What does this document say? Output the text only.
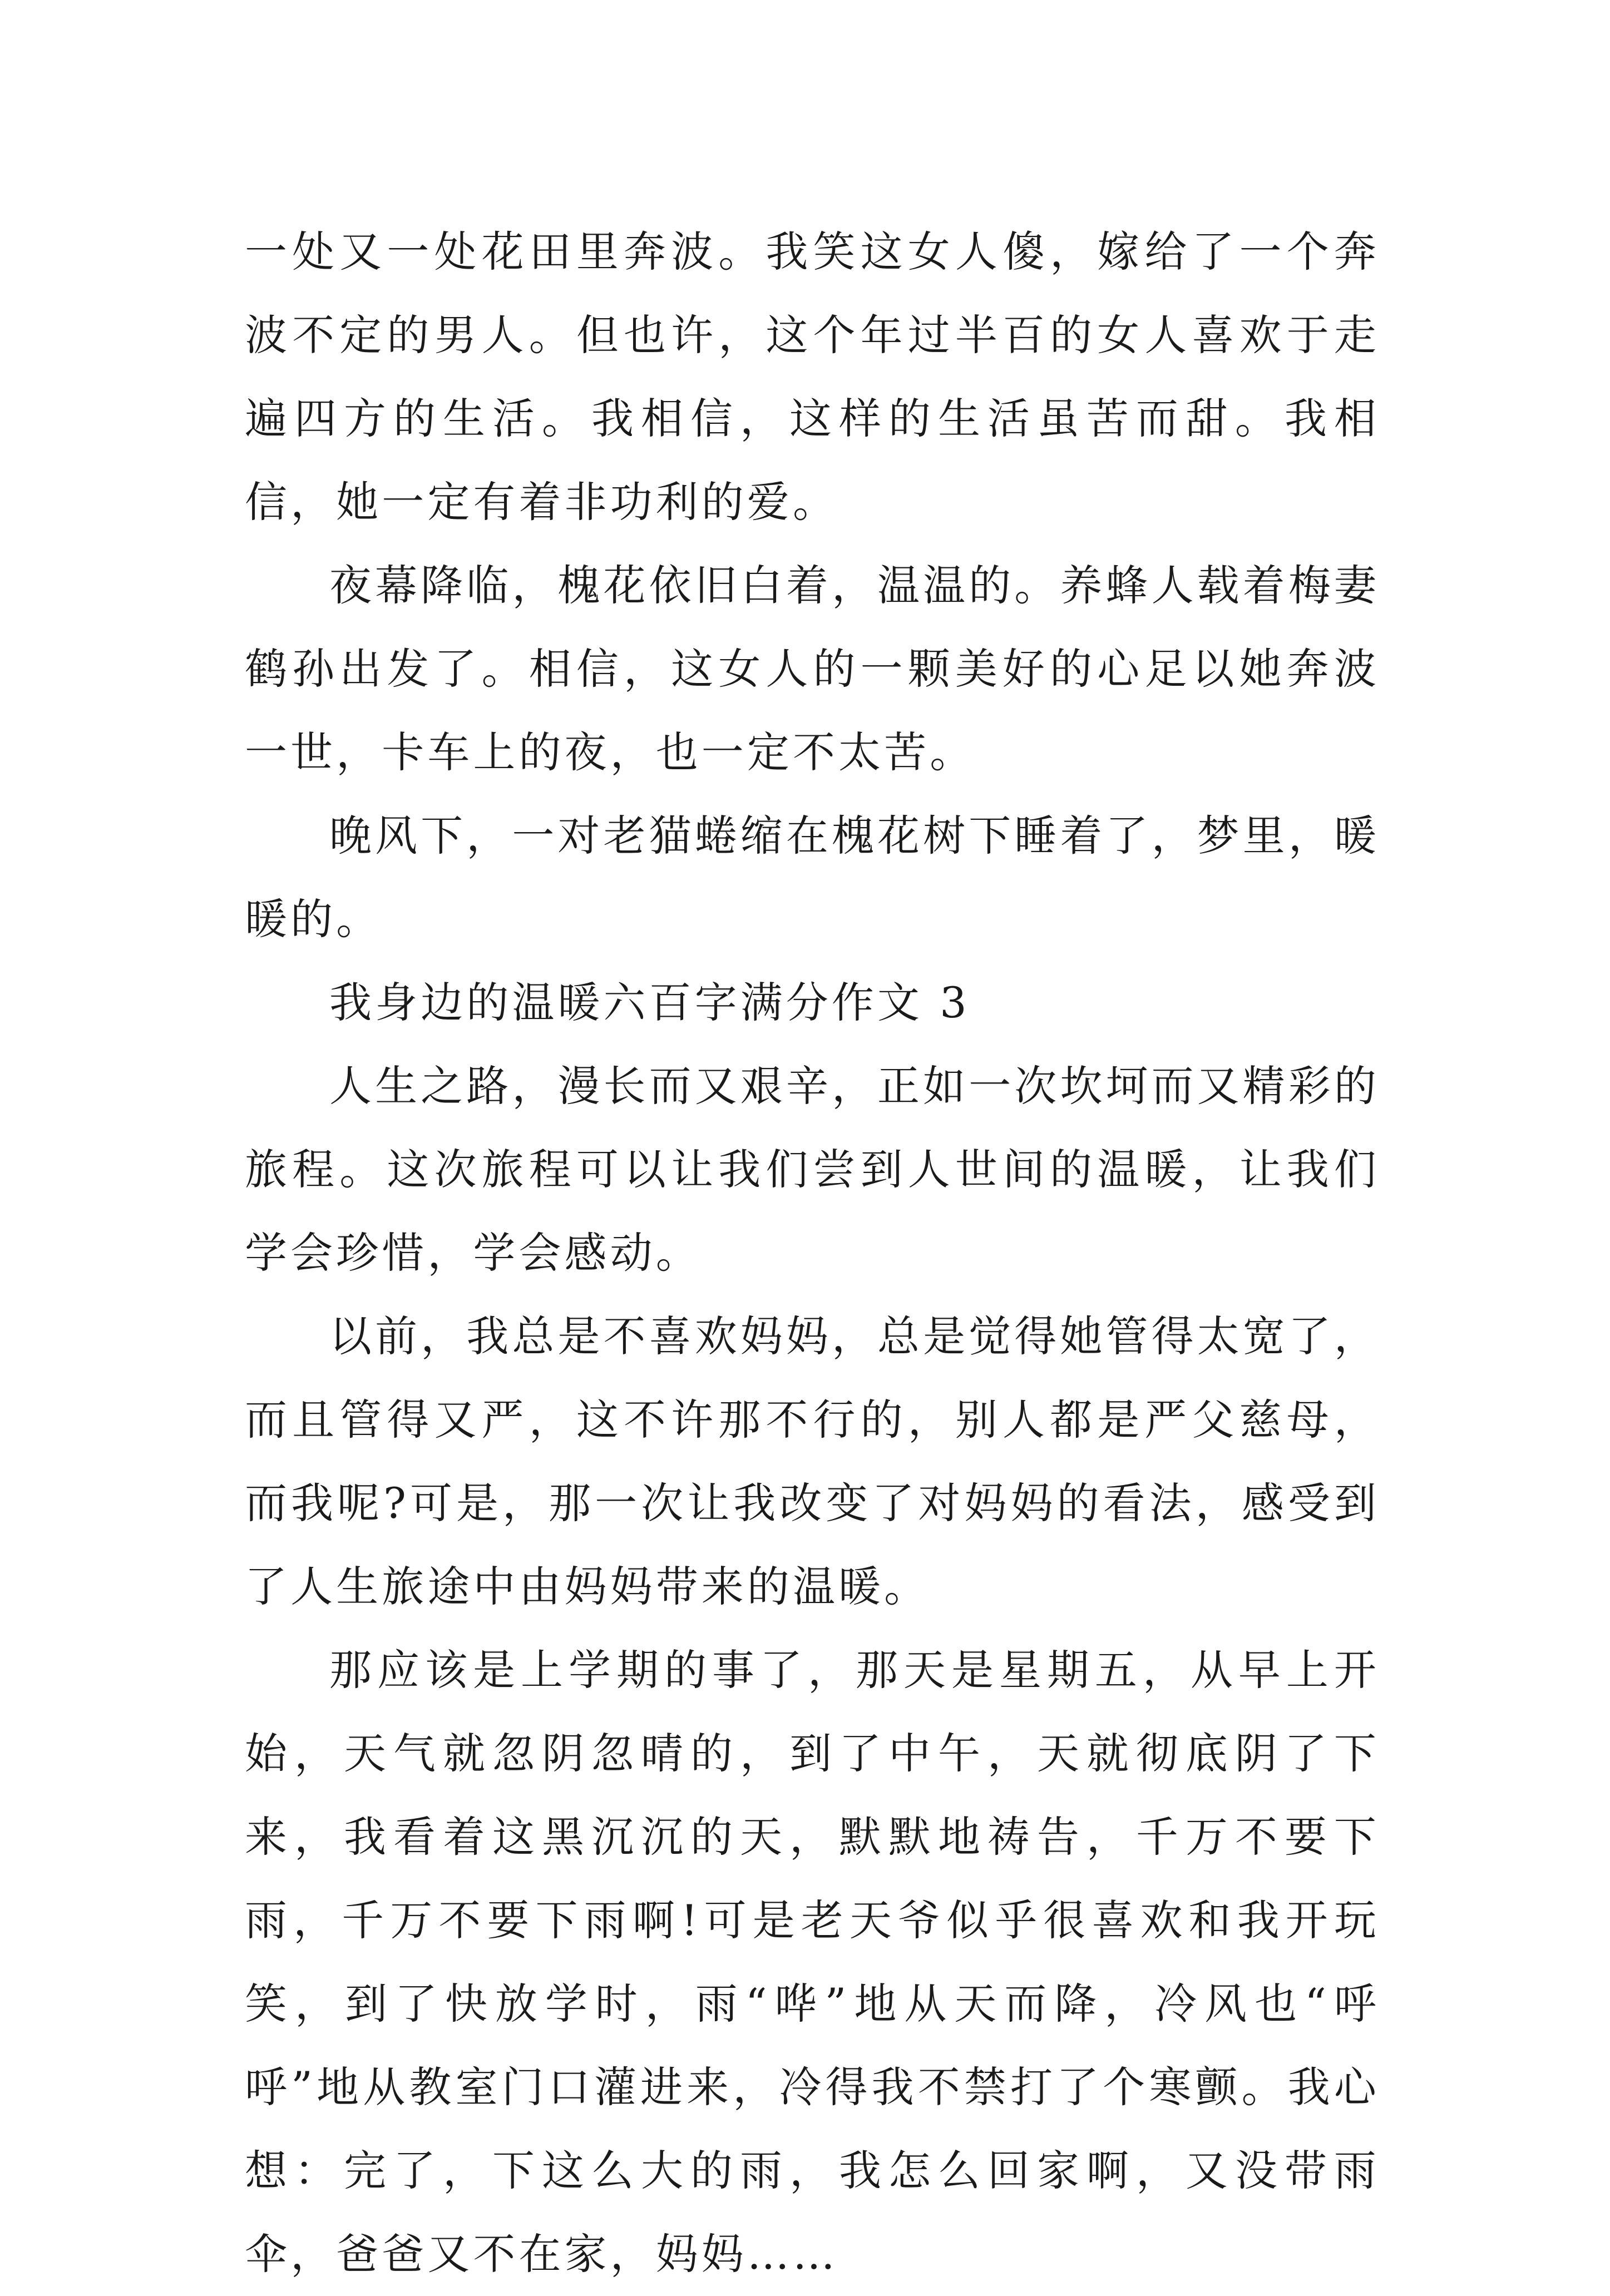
一处又一处花田里奔波。我笑这女人傻，嫁给了一个奔波不定的男人。但也许，这个年过半百的女人喜欢于走遍四方的生活。我相信，这样的生活虽苦而甜。我相信，她一定有着非功利的爱。

夜幕降临，槐花依旧白着，温温的。养蜂人载着梅妻鹤孙出发了。相信，这女人的一颗美好的心足以她奔波一世，卡车上的夜，也一定不太苦。

晚风下，一对老猫蜷缩在槐花树下睡着了，梦里，暖暖的。

我身边的温暖六百字满分作文 3

人生之路，漫长而又艰辛，正如一次坎坷而又精彩的旅程。这次旅程可以让我们尝到人世间的温暖，让我们学会珍惜，学会感动。

以前，我总是不喜欢妈妈，总是觉得她管得太宽了，而且管得又严，这不许那不行的，别人都是严父慈母，而我呢?可是，那一次让我改变了对妈妈的看法，感受到了人生旅途中由妈妈带来的温暖。

那应该是上学期的事了，那天是星期五，从早上开始，天气就忽阴忽晴的，到了中午，天就彻底阴了下来，我看着这黑沉沉的天，默默地祷告，千万不要下雨，千万不要下雨啊!可是老天爷似乎很喜欢和我开玩笑，到了快放学时，雨“哗”地从天而降，冷风也“呼呼”地从教室门口灌进来，冷得我不禁打了个寒颤。我心想：完了，下这么大的雨，我怎么回家啊，又没带雨伞，爸爸又不在家，妈妈……
